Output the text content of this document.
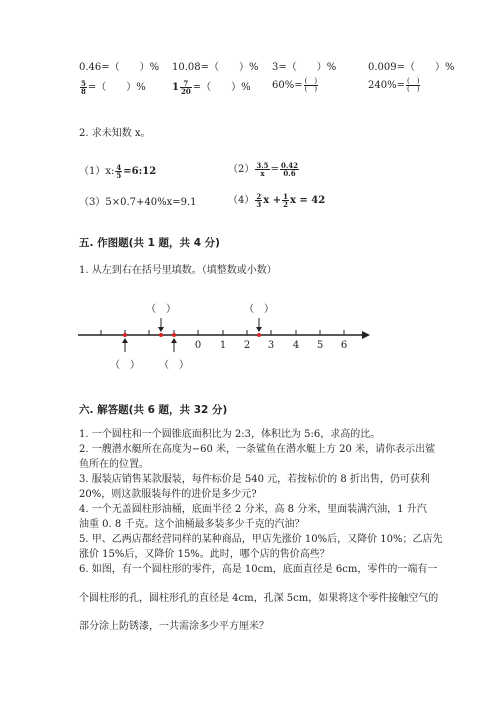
0.46=（　　）% 10.08=（　　）% 3=（　　）%	0.009=（　　）%
$\frac{5}{8}$ =（　　）%	$1 \frac{7}{20}$ =（　　）% $60\%= \frac{( )}{( )}$	$240\%= \frac{( )}{( )}$
2. 求未知数 x。
（1）x: $\frac{4}{5}$ =6:12	$(2) \frac{3.5}{x} = \frac{0.42}{0.6}$
（3）5×0.7+40%x=9.1	$(4) \frac{2}{3}$ $x + \frac{1}{2}$ x = 42
五. 作图题(共 1 题，共 4 分)
1. 从左到右在括号里填数。（填整数或小数）
0 1 2 3 4 5 6
（　）	（　）
（　） （　）
六. 解答题(共 6 题，共 32 分)
1. 一个圆柱和一个圆锥底面积比为 2:3，体积比为 5:6，求高的比。
2. 一艘潜水艇所在高度为−60 米，一条鲨鱼在潜水艇上方 20 米，请你表示出鲨
鱼所在的位置。
3. 服装店销售某款服装，每件标价是 540 元，若按标价的 8 折出售，仍可获利
20%，则这款服装每件的进价是多少元?
4. 一个无盖圆柱形油桶，底面半径 2 分米，高 8 分米，里面装满汽油，1 升汽
油重 0. 8 千克。这个油桶最多装多少千克的汽油？
5. 甲、乙两店都经营同样的某种商品，甲店先涨价 10%后，又降价 10%；乙店先
涨价 15%后，又降价 15%。此时，哪个店的售价高些？
6. 如图，有一个圆柱形的零件，高是 10cm，底面直径是 6cm，零件的一端有一
个圆柱形的孔，圆柱形孔的直径是 4cm，孔深 5cm，如果将这个零件接触空气的
部分涂上防锈漆，一共需涂多少平方厘米？
